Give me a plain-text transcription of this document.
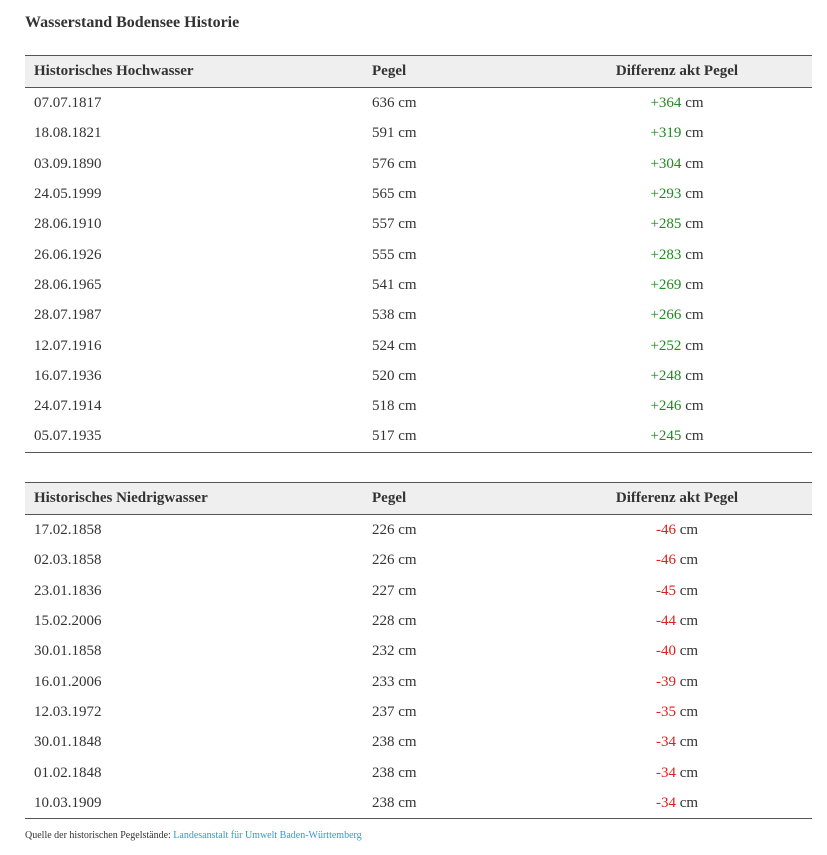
Wasserstand Bodensee Historie
Historisches Hochwasser	Pegel	Differenz akt Pegel
07.07.1817	636 cm	+364 cm
18.08.1821	591 cm	+319 cm
03.09.1890	576 cm	+304 cm
24.05.1999	565 cm	+293 cm
28.06.1910	557 cm	+285 cm
26.06.1926	555 cm	+283 cm
28.06.1965	541 cm	+269 cm
28.07.1987	538 cm	+266 cm
12.07.1916	524 cm	+252 cm
16.07.1936	520 cm	+248 cm
24.07.1914	518 cm	+246 cm
05.07.1935	517 cm	+245 cm
Historisches Niedrigwasser	Pegel	Differenz akt Pegel
17.02.1858	226 cm	-46 cm
02.03.1858	226 cm	-46 cm
23.01.1836	227 cm	-45 cm
15.02.2006	228 cm	-44 cm
30.01.1858	232 cm	-40 cm
16.01.2006	233 cm	-39 cm
12.03.1972	237 cm	-35 cm
30.01.1848	238 cm	-34 cm
01.02.1848	238 cm	-34 cm
10.03.1909	238 cm	-34 cm
Quelle der historischen Pegelstände: Landesanstalt für Umwelt Baden-Württemberg
